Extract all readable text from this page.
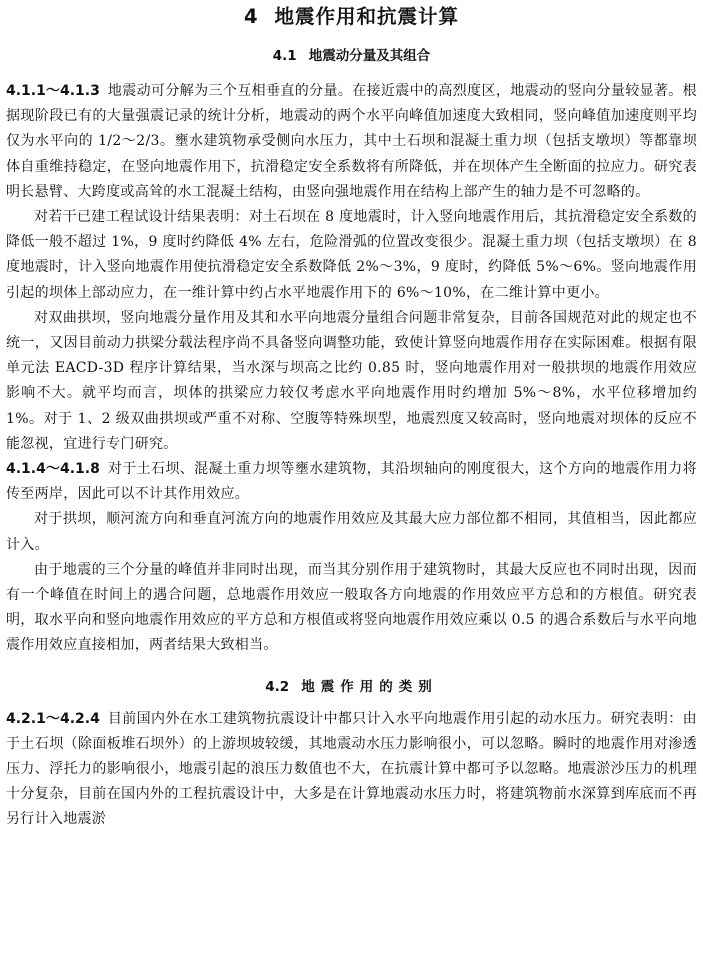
4 地震作用和抗震计算
4.1 地震动分量及其组合

4.1.1～4.1.3 地震动可分解为三个互相垂直的分量。在接近震中的高烈度区，地震动的竖向分量较显著。根据现阶段已有的大量强震记录的统计分析，地震动的两个水平向峰值加速度大致相同，竖向峰值加速度则平均仅为水平向的 1/2～2/3。壅水建筑物承受侧向水压力，其中土石坝和混凝土重力坝（包括支墩坝）等都靠坝体自重维持稳定，在竖向地震作用下，抗滑稳定安全系数将有所降低，并在坝体产生全断面的拉应力。研究表明长悬臂、大跨度或高耸的水工混凝土结构，由竖向强地震作用在结构上部产生的轴力是不可忽略的。

对若干已建工程试设计结果表明：对土石坝在 8 度地震时，计入竖向地震作用后，其抗滑稳定安全系数的降低一般不超过 1%，9 度时约降低 4% 左右，危险滑弧的位置改变很少。混凝土重力坝（包括支墩坝）在 8 度地震时，计入竖向地震作用使抗滑稳定安全系数降低 2%～3%，9 度时，约降低 5%～6%。竖向地震作用引起的坝体上部动应力，在一维计算中约占水平地震作用下的 6%～10%，在二维计算中更小。

对双曲拱坝，竖向地震分量作用及其和水平向地震分量组合问题非常复杂，目前各国规范对此的规定也不统一，又因目前动力拱梁分载法程序尚不具备竖向调整功能，致使计算竖向地震作用存在实际困难。根据有限单元法 EACD-3D 程序计算结果，当水深与坝高之比约 0.85 时，竖向地震作用对一般拱坝的地震作用效应影响不大。就平均而言，坝体的拱梁应力较仅考虑水平向地震作用时约增加 5%～8%，水平位移增加约 1%。对于 1、2 级双曲拱坝或严重不对称、空腹等特殊坝型，地震烈度又较高时，竖向地震对坝体的反应不能忽视，宜进行专门研究。

4.1.4～4.1.8 对于土石坝、混凝土重力坝等壅水建筑物，其沿坝轴向的刚度很大，这个方向的地震作用力将传至两岸，因此可以不计其作用效应。

对于拱坝，顺河流方向和垂直河流方向的地震作用效应及其最大应力部位都不相同，其值相当，因此都应计入。

由于地震的三个分量的峰值并非同时出现，而当其分别作用于建筑物时，其最大反应也不同时出现，因而有一个峰值在时间上的遇合问题，总地震作用效应一般取各方向地震的作用效应平方总和的方根值。研究表明，取水平向和竖向地震作用效应的平方总和方根值或将竖向地震作用效应乘以 0.5 的遇合系数后与水平向地震作用效应直接相加，两者结果大致相当。

4.2 地震作用的类别

4.2.1～4.2.4 目前国内外在水工建筑物抗震设计中都只计入水平向地震作用引起的动水压力。研究表明：由于土石坝（除面板堆石坝外）的上游坝坡较缓，其地震动水压力影响很小，可以忽略。瞬时的地震作用对渗透压力、浮托力的影响很小，地震引起的浪压力数值也不大，在抗震计算中都可予以忽略。地震淤沙压力的机理十分复杂，目前在国内外的工程抗震设计中，大多是在计算地震动水压力时，将建筑物前水深算到库底而不再另行计入地震淤
